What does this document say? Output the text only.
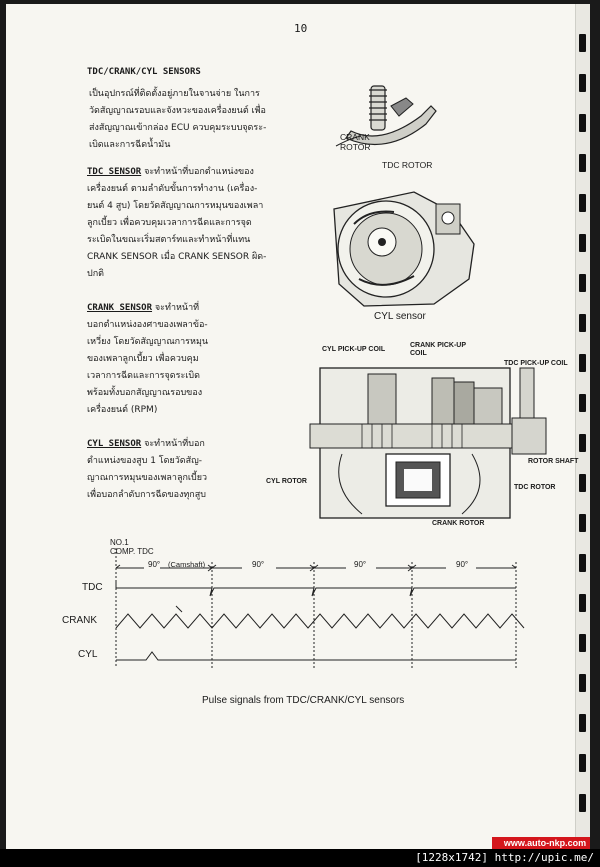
10
TDC/CRANK/CYL SENSORS
เป็นอุปกรณ์ที่ติดตั้งอยู่ภายในจานจ่าย ในการ
วัดสัญญาณรอบและจังหวะของเครื่องยนต์ เพื่อ
ส่งสัญญาณเข้ากล่อง ECU ควบคุมระบบจุดระ-
เบิดและการฉีดน้ำมัน
TDC SENSOR จะทำหน้าที่บอกตำแหน่งของ
เครื่องยนต์ ตามลำดับขั้นการทำงาน (เครื่อง-
ยนต์ 4 สูบ) โดยวัดสัญญาณการหมุนของเพลา
ลูกเบี้ยว เพื่อควบคุมเวลาการฉีดและการจุด
ระเบิดในขณะเริ่มสตาร์ทและทำหน้าที่แทน
CRANK SENSOR เมื่อ CRANK SENSOR ผิด-
ปกติ
CRANK SENSOR จะทำหน้าที่
บอกตำแหน่งองศาของเพลาข้อ-
เหวี่ยง โดยวัดสัญญาณการหมุน
ของเพลาลูกเบี้ยว เพื่อควบคุม
เวลาการฉีดและการจุดระเบิด
พร้อมทั้งบอกสัญญาณรอบของ
เครื่องยนต์ (RPM)
CYL SENSOR จะทำหน้าที่บอก
ตำแหน่งของสูบ 1 โดยวัดสัญ-
ญาณการหมุนของเพลาลูกเบี้ยว
เพื่อบอกลำดับการฉีดของทุกสูบ
CRANK
ROTOR
TDC ROTOR
CYL sensor
CYL PICK-UP COIL
CRANK PICK-UP
COIL
TDC PICK-UP COIL
ROTOR SHAFT
TDC ROTOR
CYL ROTOR
CRANK ROTOR
NO.1
COMP. TDC
90° (Camshaft)	90°	90°	90°
TDC
CRANK
CYL
Pulse signals from TDC/CRANK/CYL sensors
www.auto-nkp.com
[1228x1742] http://upic.me/
